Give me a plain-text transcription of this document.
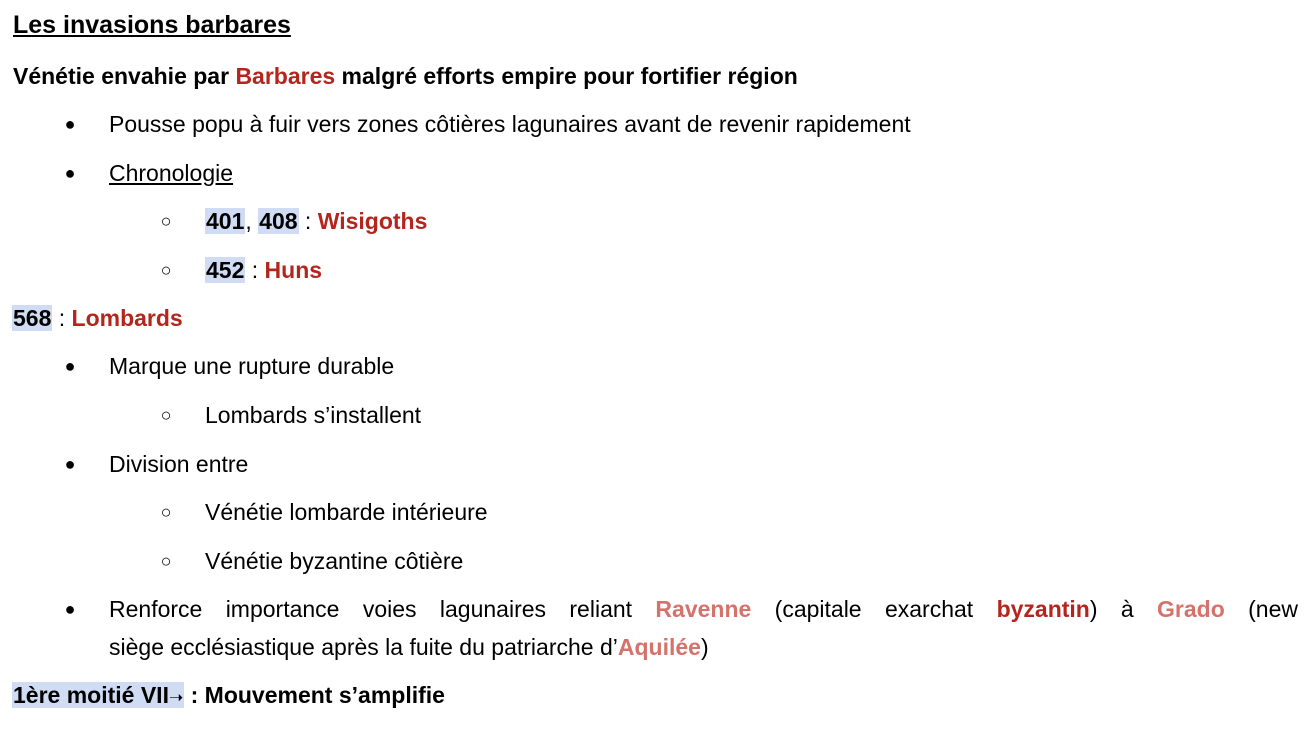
Les invasions barbares
Vénétie envahie par Barbares malgré efforts empire pour fortifier région
● Pousse popu à fuir vers zones côtières lagunaires avant de revenir rapidement
● Chronologie
○ 401, 408 : Wisigoths
○ 452 : Huns
568 : Lombards
● Marque une rupture durable
○ Lombards s’installent
● Division entre
○ Vénétie lombarde intérieure
○ Vénétie byzantine côtière
● Renforce importance voies lagunaires reliant Ravenne (capitale exarchat byzantin) à Grado (new
siège ecclésiastique après la fuite du patriarche d’Aquilée)
1ère moitié VII➝ : Mouvement s’amplifie
